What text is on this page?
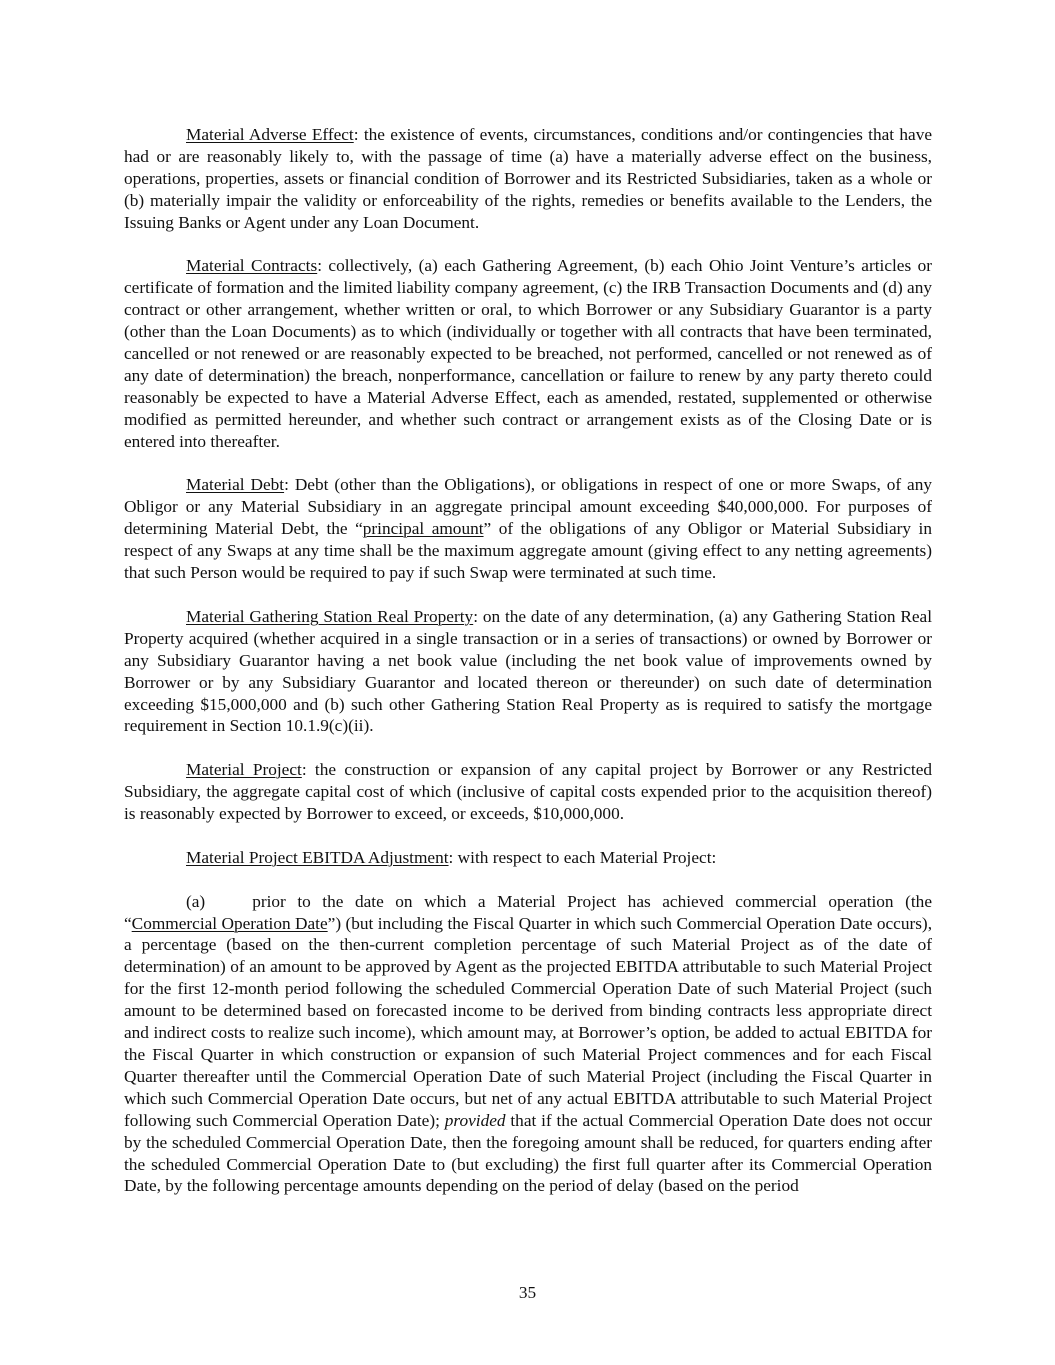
Material Adverse Effect: the existence of events, circumstances, conditions and/or contingencies that have had or are reasonably likely to, with the passage of time (a) have a materially adverse effect on the business, operations, properties, assets or financial condition of Borrower and its Restricted Subsidiaries, taken as a whole or (b) materially impair the validity or enforceability of the rights, remedies or benefits available to the Lenders, the Issuing Banks or Agent under any Loan Document.

Material Contracts: collectively, (a) each Gathering Agreement, (b) each Ohio Joint Venture’s articles or certificate of formation and the limited liability company agreement, (c) the IRB Transaction Documents and (d) any contract or other arrangement, whether written or oral, to which Borrower or any Subsidiary Guarantor is a party (other than the Loan Documents) as to which (individually or together with all contracts that have been terminated, cancelled or not renewed or are reasonably expected to be breached, not performed, cancelled or not renewed as of any date of determination) the breach, nonperformance, cancellation or failure to renew by any party thereto could reasonably be expected to have a Material Adverse Effect, each as amended, restated, supplemented or otherwise modified as permitted hereunder, and whether such contract or arrangement exists as of the Closing Date or is entered into thereafter.

Material Debt: Debt (other than the Obligations), or obligations in respect of one or more Swaps, of any Obligor or any Material Subsidiary in an aggregate principal amount exceeding $40,000,000. For purposes of determining Material Debt, the “principal amount” of the obligations of any Obligor or Material Subsidiary in respect of any Swaps at any time shall be the maximum aggregate amount (giving effect to any netting agreements) that such Person would be required to pay if such Swap were terminated at such time.

Material Gathering Station Real Property: on the date of any determination, (a) any Gathering Station Real Property acquired (whether acquired in a single transaction or in a series of transactions) or owned by Borrower or any Subsidiary Guarantor having a net book value (including the net book value of improvements owned by Borrower or by any Subsidiary Guarantor and located thereon or thereunder) on such date of determination exceeding $15,000,000 and (b) such other Gathering Station Real Property as is required to satisfy the mortgage requirement in Section 10.1.9(c)(ii).

Material Project: the construction or expansion of any capital project by Borrower or any Restricted Subsidiary, the aggregate capital cost of which (inclusive of capital costs expended prior to the acquisition thereof) is reasonably expected by Borrower to exceed, or exceeds, $10,000,000.

Material Project EBITDA Adjustment: with respect to each Material Project:

(a)	prior to the date on which a Material Project has achieved commercial operation (the “Commercial Operation Date”) (but including the Fiscal Quarter in which such Commercial Operation Date occurs), a percentage (based on the then-current completion percentage of such Material Project as of the date of determination) of an amount to be approved by Agent as the projected EBITDA attributable to such Material Project for the first 12-month period following the scheduled Commercial Operation Date of such Material Project (such amount to be determined based on forecasted income to be derived from binding contracts less appropriate direct and indirect costs to realize such income), which amount may, at Borrower’s option, be added to actual EBITDA for the Fiscal Quarter in which construction or expansion of such Material Project commences and for each Fiscal Quarter thereafter until the Commercial Operation Date of such Material Project (including the Fiscal Quarter in which such Commercial Operation Date occurs, but net of any actual EBITDA attributable to such Material Project following such Commercial Operation Date); provided that if the actual Commercial Operation Date does not occur by the scheduled Commercial Operation Date, then the foregoing amount shall be reduced, for quarters ending after the scheduled Commercial Operation Date to (but excluding) the first full quarter after its Commercial Operation Date, by the following percentage amounts depending on the period of delay (based on the period

35
